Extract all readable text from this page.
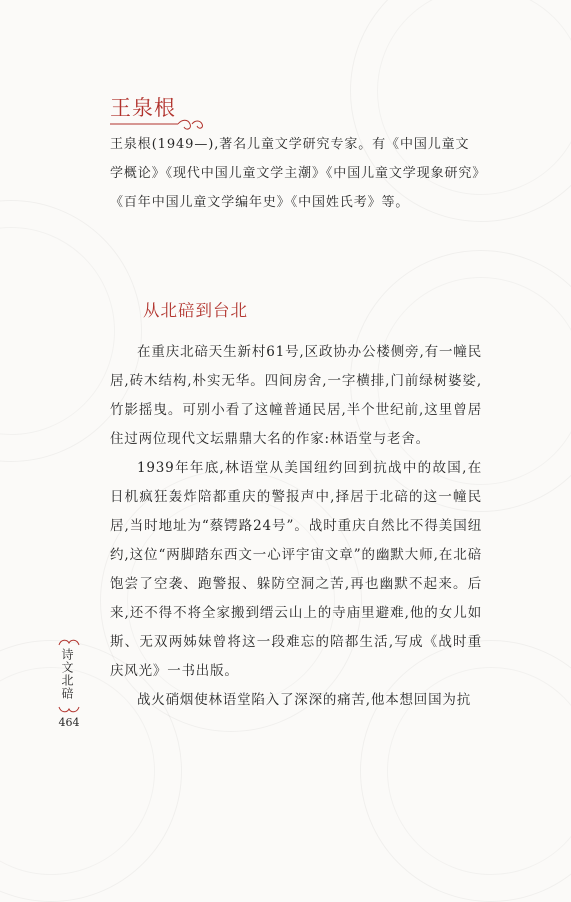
王泉根

王泉根(1949—),著名儿童文学研究专家。有《中国儿童文学概论》《现代中国儿童文学主潮》《中国儿童文学现象研究》《百年中国儿童文学编年史》《中国姓氏考》等。

从北碚到台北

在重庆北碚天生新村61号,区政协办公楼侧旁,有一幢民居,砖木结构,朴实无华。四间房舍,一字横排,门前绿树婆娑,竹影摇曳。可别小看了这幢普通民居,半个世纪前,这里曾居住过两位现代文坛鼎鼎大名的作家:林语堂与老舍。

1939年年底,林语堂从美国纽约回到抗战中的故国,在日机疯狂轰炸陪都重庆的警报声中,择居于北碚的这一幢民居,当时地址为“蔡锷路24号”。战时重庆自然比不得美国纽约,这位“两脚踏东西文一心评宇宙文章”的幽默大师,在北碚饱尝了空袭、跑警报、躲防空洞之苦,再也幽默不起来。后来,还不得不将全家搬到缙云山上的寺庙里避难,他的女儿如斯、无双两姊妹曾将这一段难忘的陪都生活,写成《战时重庆风光》一书出版。

战火硝烟使林语堂陷入了深深的痛苦,他本想回国为抗

诗文北碚
464
